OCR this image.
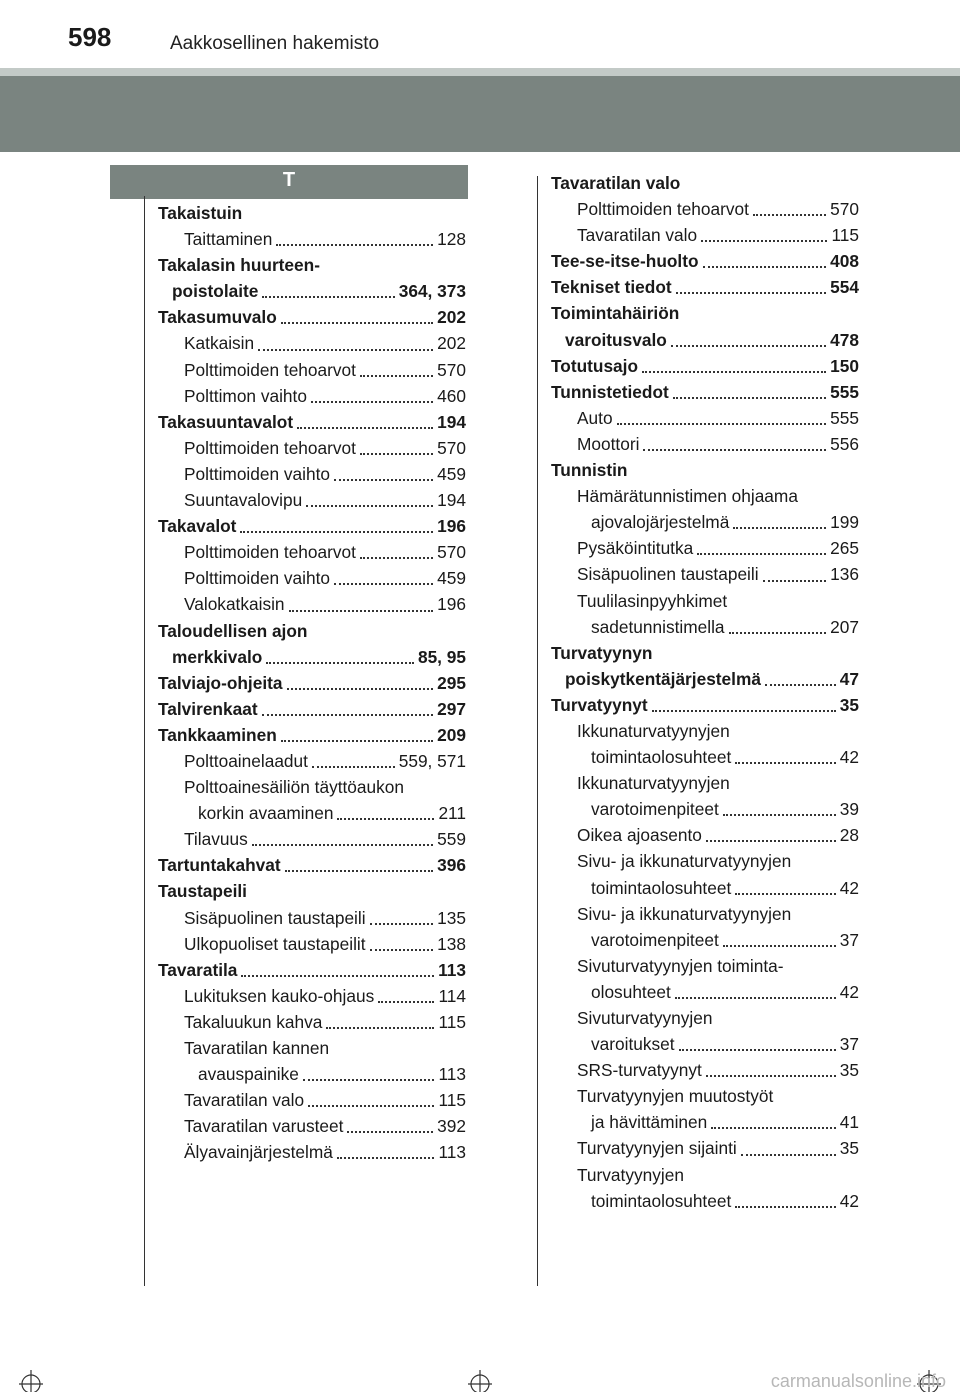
598	Aakkosellinen hakemisto
T
Takaistuin
Taittaminen	128
Takalasin huurteen-
poistolaite	364, 373
Takasumuvalo	202
Katkaisin	202
Polttimoiden tehoarvot	570
Polttimon vaihto	460
Takasuuntavalot	194
Polttimoiden tehoarvot	570
Polttimoiden vaihto	459
Suuntavalovipu	194
Takavalot	196
Polttimoiden tehoarvot	570
Polttimoiden vaihto	459
Valokatkaisin	196
Taloudellisen ajon
merkkivalo	85, 95
Talviajo-ohjeita	295
Talvirenkaat	297
Tankkaaminen	209
Polttoainelaadut	559, 571
Polttoainesäiliön täyttöaukon
korkin avaaminen	211
Tilavuus	559
Tartuntakahvat	396
Taustapeili
Sisäpuolinen taustapeili	135
Ulkopuoliset taustapeilit	138
Tavaratila	113
Lukituksen kauko-ohjaus	114
Takaluukun kahva	115
Tavaratilan kannen
avauspainike	113
Tavaratilan valo	115
Tavaratilan varusteet	392
Älyavainjärjestelmä	113
Tavaratilan valo
Polttimoiden tehoarvot	570
Tavaratilan valo	115
Tee-se-itse-huolto	408
Tekniset tiedot	554
Toimintahäiriön
varoitusvalo	478
Totutusajo	150
Tunnistetiedot	555
Auto	555
Moottori	556
Tunnistin
Hämärätunnistimen ohjaama
ajovalojärjestelmä	199
Pysäköintitutka	265
Sisäpuolinen taustapeili	136
Tuulilasinpyyhkimet
sadetunnistimella	207
Turvatyynyn
poiskytkentäjärjestelmä	47
Turvatyynyt	35
Ikkunaturvatyynyjen
toimintaolosuhteet	42
Ikkunaturvatyynyjen
varotoimenpiteet	39
Oikea ajoasento	28
Sivu- ja ikkunaturvatyynyjen
toimintaolosuhteet	42
Sivu- ja ikkunaturvatyynyjen
varotoimenpiteet	37
Sivuturvatyynyjen toiminta-
olosuhteet	42
Sivuturvatyynyjen
varoitukset	37
SRS-turvatyynyt	35
Turvatyynyjen muutostyöt
ja hävittäminen	41
Turvatyynyjen sijainti	35
Turvatyynyjen
toimintaolosuhteet	42
carmanualsonline.info
